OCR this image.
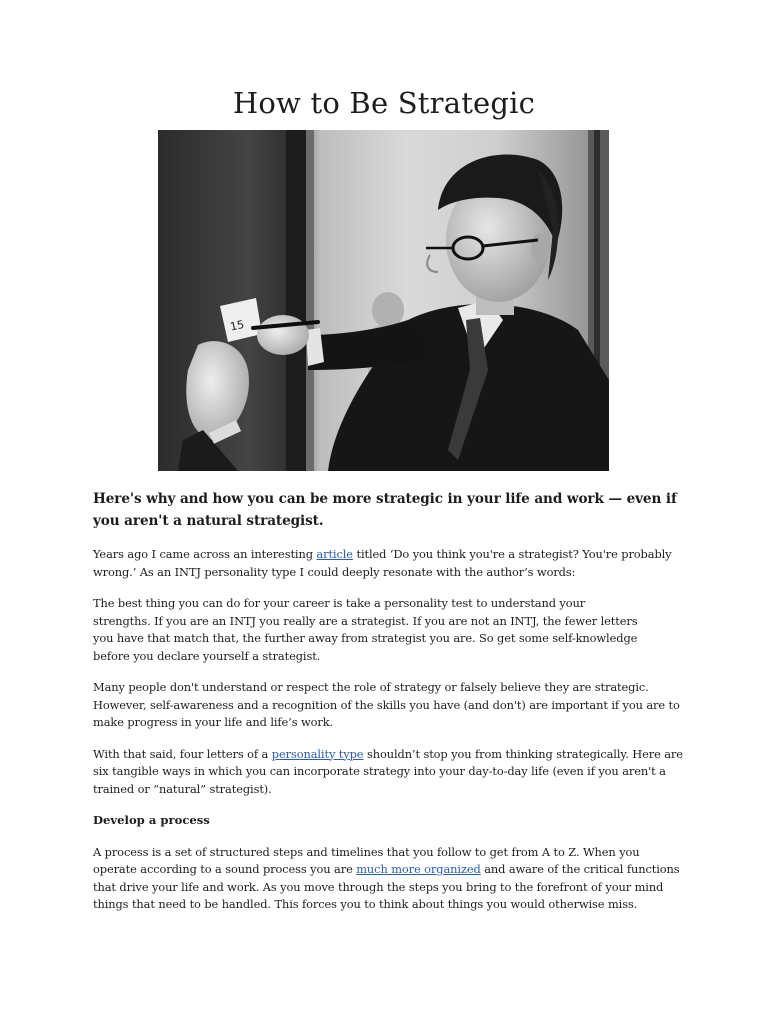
How to Be Strategic
15

Here's why and how you can be more strategic in your life and work — even if you aren't a natural strategist.

Years ago I came across an interesting article titled ‘Do you think you're a strategist? You're probably wrong.’ As an INTJ personality type I could deeply resonate with the author’s words:

The best thing you can do for your career is take a personality test to understand your strengths. If you are an INTJ you really are a strategist. If you are not an INTJ, the fewer letters you have that match that, the further away from strategist you are. So get some self-knowledge before you declare yourself a strategist.

Many people don't understand or respect the role of strategy or falsely believe they are strategic. However, self-awareness and a recognition of the skills you have (and don't) are important if you are to make progress in your life and life’s work.

With that said, four letters of a personality type shouldn’t stop you from thinking strategically. Here are six tangible ways in which you can incorporate strategy into your day-to-day life (even if you aren't a trained or “natural” strategist).

Develop a process

A process is a set of structured steps and timelines that you follow to get from A to Z. When you operate according to a sound process you are much more organized and aware of the critical functions that drive your life and work. As you move through the steps you bring to the forefront of your mind things that need to be handled. This forces you to think about things you would otherwise miss.
